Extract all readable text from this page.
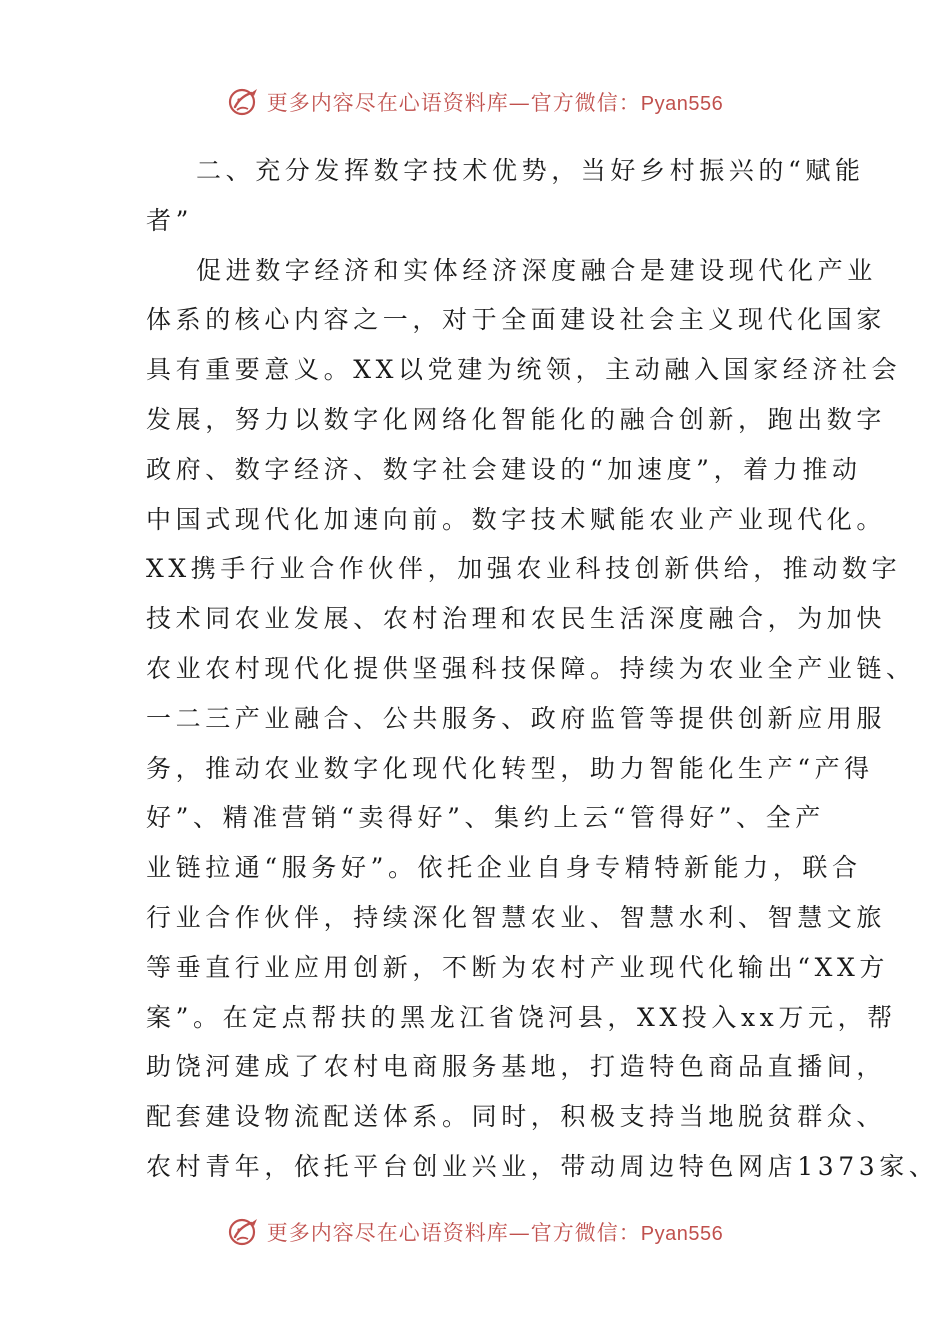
更多内容尽在心语资料库—官方微信：Pyan556
二、充分发挥数字技术优势，当好乡村振兴的“赋能
者”
促进数字经济和实体经济深度融合是建设现代化产业
体系的核心内容之一，对于全面建设社会主义现代化国家
具有重要意义。XX以党建为统领，主动融入国家经济社会
发展，努力以数字化网络化智能化的融合创新，跑出数字
政府、数字经济、数字社会建设的“加速度”，着力推动
中国式现代化加速向前。数字技术赋能农业产业现代化。
XX携手行业合作伙伴，加强农业科技创新供给，推动数字
技术同农业发展、农村治理和农民生活深度融合，为加快
农业农村现代化提供坚强科技保障。持续为农业全产业链、
一二三产业融合、公共服务、政府监管等提供创新应用服
务，推动农业数字化现代化转型，助力智能化生产“产得
好”、精准营销“卖得好”、集约上云“管得好”、全产
业链拉通“服务好”。依托企业自身专精特新能力，联合
行业合作伙伴，持续深化智慧农业、智慧水利、智慧文旅
等垂直行业应用创新，不断为农村产业现代化输出“XX方
案”。在定点帮扶的黑龙江省饶河县，XX投入xx万元，帮
助饶河建成了农村电商服务基地，打造特色商品直播间，
配套建设物流配送体系。同时，积极支持当地脱贫群众、
农村青年，依托平台创业兴业，带动周边特色网店1373家、
更多内容尽在心语资料库—官方微信：Pyan556
